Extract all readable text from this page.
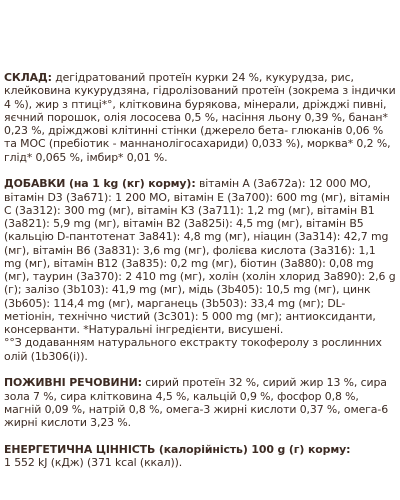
СКЛАД: дегідратований протеїн курки 24 %, кукурудза, рис, клейковина кукурудзяна, гідролізований протеїн (зокрема з індички 4 %), жир з птиці*°, клітковина бурякова, мінерали, дріжджі пивні, яєчний порошок, олія лососева 0,5 %, насіння льону 0,39 %, банан* 0,23 %, дріжджові клітинні стінки (джерело бета- глюканів 0,06 % та MOC (пребіотик - маннанолігосахариди) 0,033 %), морква* 0,2 %, глід* 0,065 %, імбир* 0,01 %.

ДОБАВКИ (на 1 kg (кг) корму): вітамін A (3a672a): 12 000 MO, вітамін D3 (3a671): 1 200 MO, вітамін E (3a700): 600 mg (мг), вітамін C (3a312): 300 mg (мг), вітамін K3 (3a711): 1,2 mg (мг), вітамін B1 (3a821): 5,9 mg (мг), вітамін B2 (3a825i): 4,5 mg (мг), вітамін B5 (кальцію D-пантотенат 3a841): 4,8 mg (мг), ніацин (3a314): 42,7 mg (мг), вітамін B6 (3a831): 3,6 mg (мг), фолієва кислота (3a316): 1,1 mg (мг), вітамін B12 (3a835): 0,2 mg (мг), біотин (3a880): 0,08 mg (мг), таурин (3a370): 2 410 mg (мг), холін (холін хлорид 3a890): 2,6 g (г); залізо (3b103): 41,9 mg (мг), мідь (3b405): 10,5 mg (мг), цинк (3b605): 114,4 mg (мг), марганець (3b503): 33,4 mg (мг); DL-метіонін, технічно чистий (3c301): 5 000 mg (мг); антиоксиданти, консерванти. *Натуральні інгредієнти, висушені.

°°З додаванням натурального екстракту токоферолу з рослинних олій (1b306(i)).

ПОЖИВНІ РЕЧОВИНИ: сирий протеїн 32 %, сирий жир 13 %, сира зола 7 %, сира клітковина 4,5 %, кальцій 0,9 %, фосфор 0,8 %, магній 0,09 %, натрій 0,8 %, омега-3 жирні кислоти 0,37 %, омега-6 жирні кислоти 3,23 %.

ЕНЕРГЕТИЧНА ЦІННІСТЬ (калорійність) 100 g (г) корму:

1 552 kJ (кДж) (371 kcal (ккал)).
